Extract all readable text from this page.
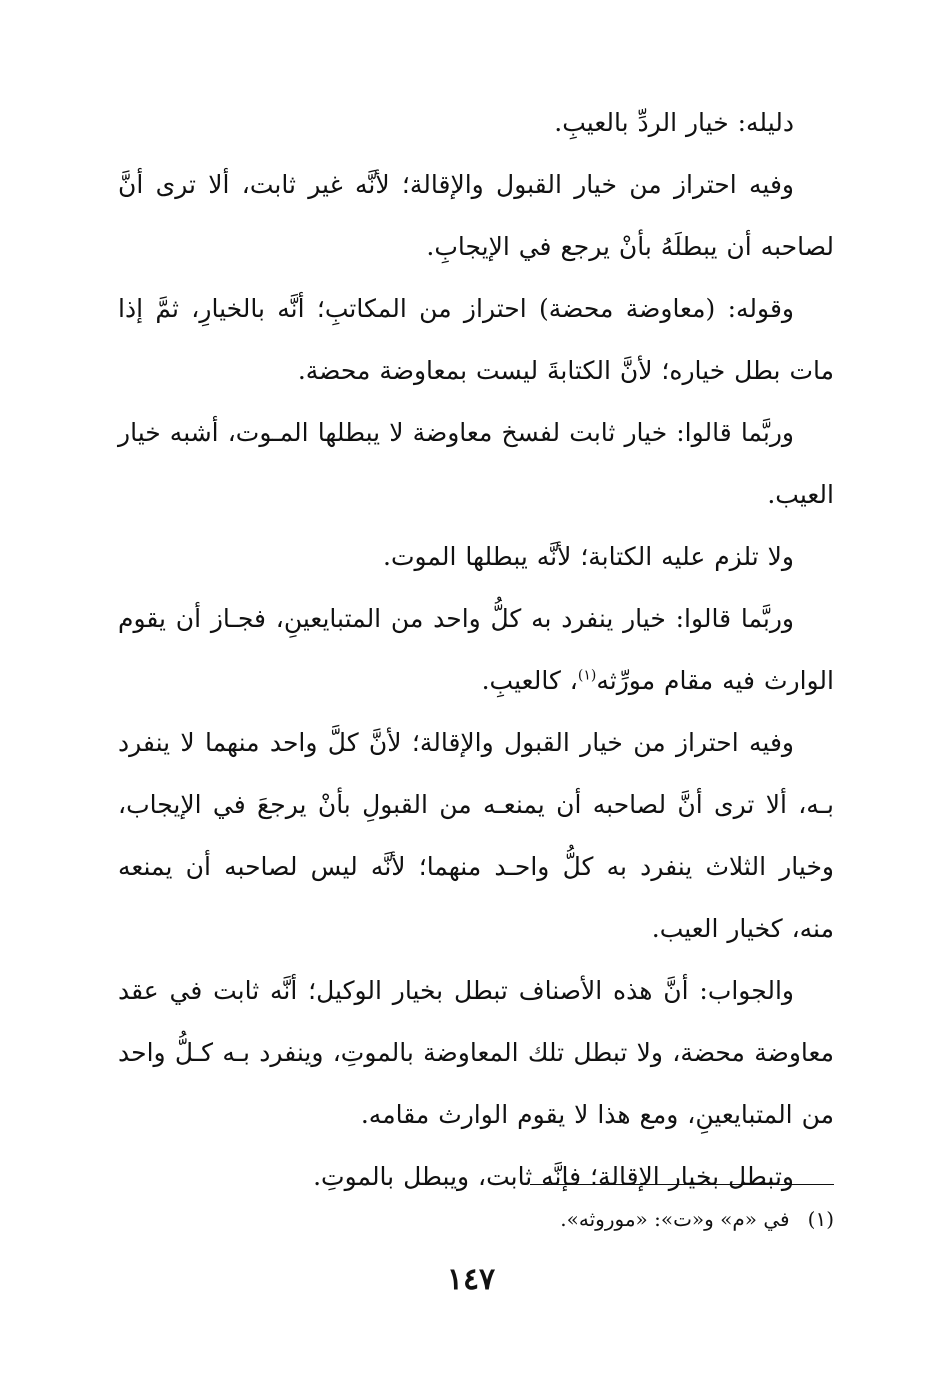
دليله: خيار الردِّ بالعيبِ.

وفيه احتراز من خيار القبول والإقالة؛ لأنَّه غير ثابت، ألا ترى أنَّ لصاحبه أن يبطلَهُ بأنْ يرجع في الإيجابِ.

وقوله: (معاوضة محضة) احتراز من المكاتبِ؛ أنَّه بالخيارِ، ثمَّ إذا مات بطل خياره؛ لأنَّ الكتابةَ ليست بمعاوضة محضة.

وربَّما قالوا: خيار ثابت لفسخ معاوضة لا يبطلها المـوت، أشبه خيار العيب.

ولا تلزم عليه الكتابة؛ لأنَّه يبطلها الموت.

وربَّما قالوا: خيار ينفرد به كلُّ واحد من المتبايعينِ، فجـاز أن يقوم الوارث فيه مقام مورِّثه$^{(١)}$، كالعيبِ.

وفيه احتراز من خيار القبول والإقالة؛ لأنَّ كلَّ واحد منهما لا ينفرد بـه، ألا ترى أنَّ لصاحبه أن يمنعـه من القبولِ بأنْ يرجعَ في الإيجاب، وخيار الثلاث ينفرد به كلُّ واحـد منهما؛ لأنَّه ليس لصاحبه أن يمنعه منه، كخيار العيب.

والجواب: أنَّ هذه الأصناف تبطل بخيار الوكيل؛ أنَّه ثابت في عقد معاوضة محضة، ولا تبطل تلك المعاوضة بالموتِ، وينفرد بـه كـلُّ واحد من المتبايعينِ، ومع هذا لا يقوم الوارث مقامه.

وتبطل بخيار الإقالة؛ فإنَّه ثابت، ويبطل بالموتِ.

(١)في «م» و«ت»: «موروثه».
١٤٧
